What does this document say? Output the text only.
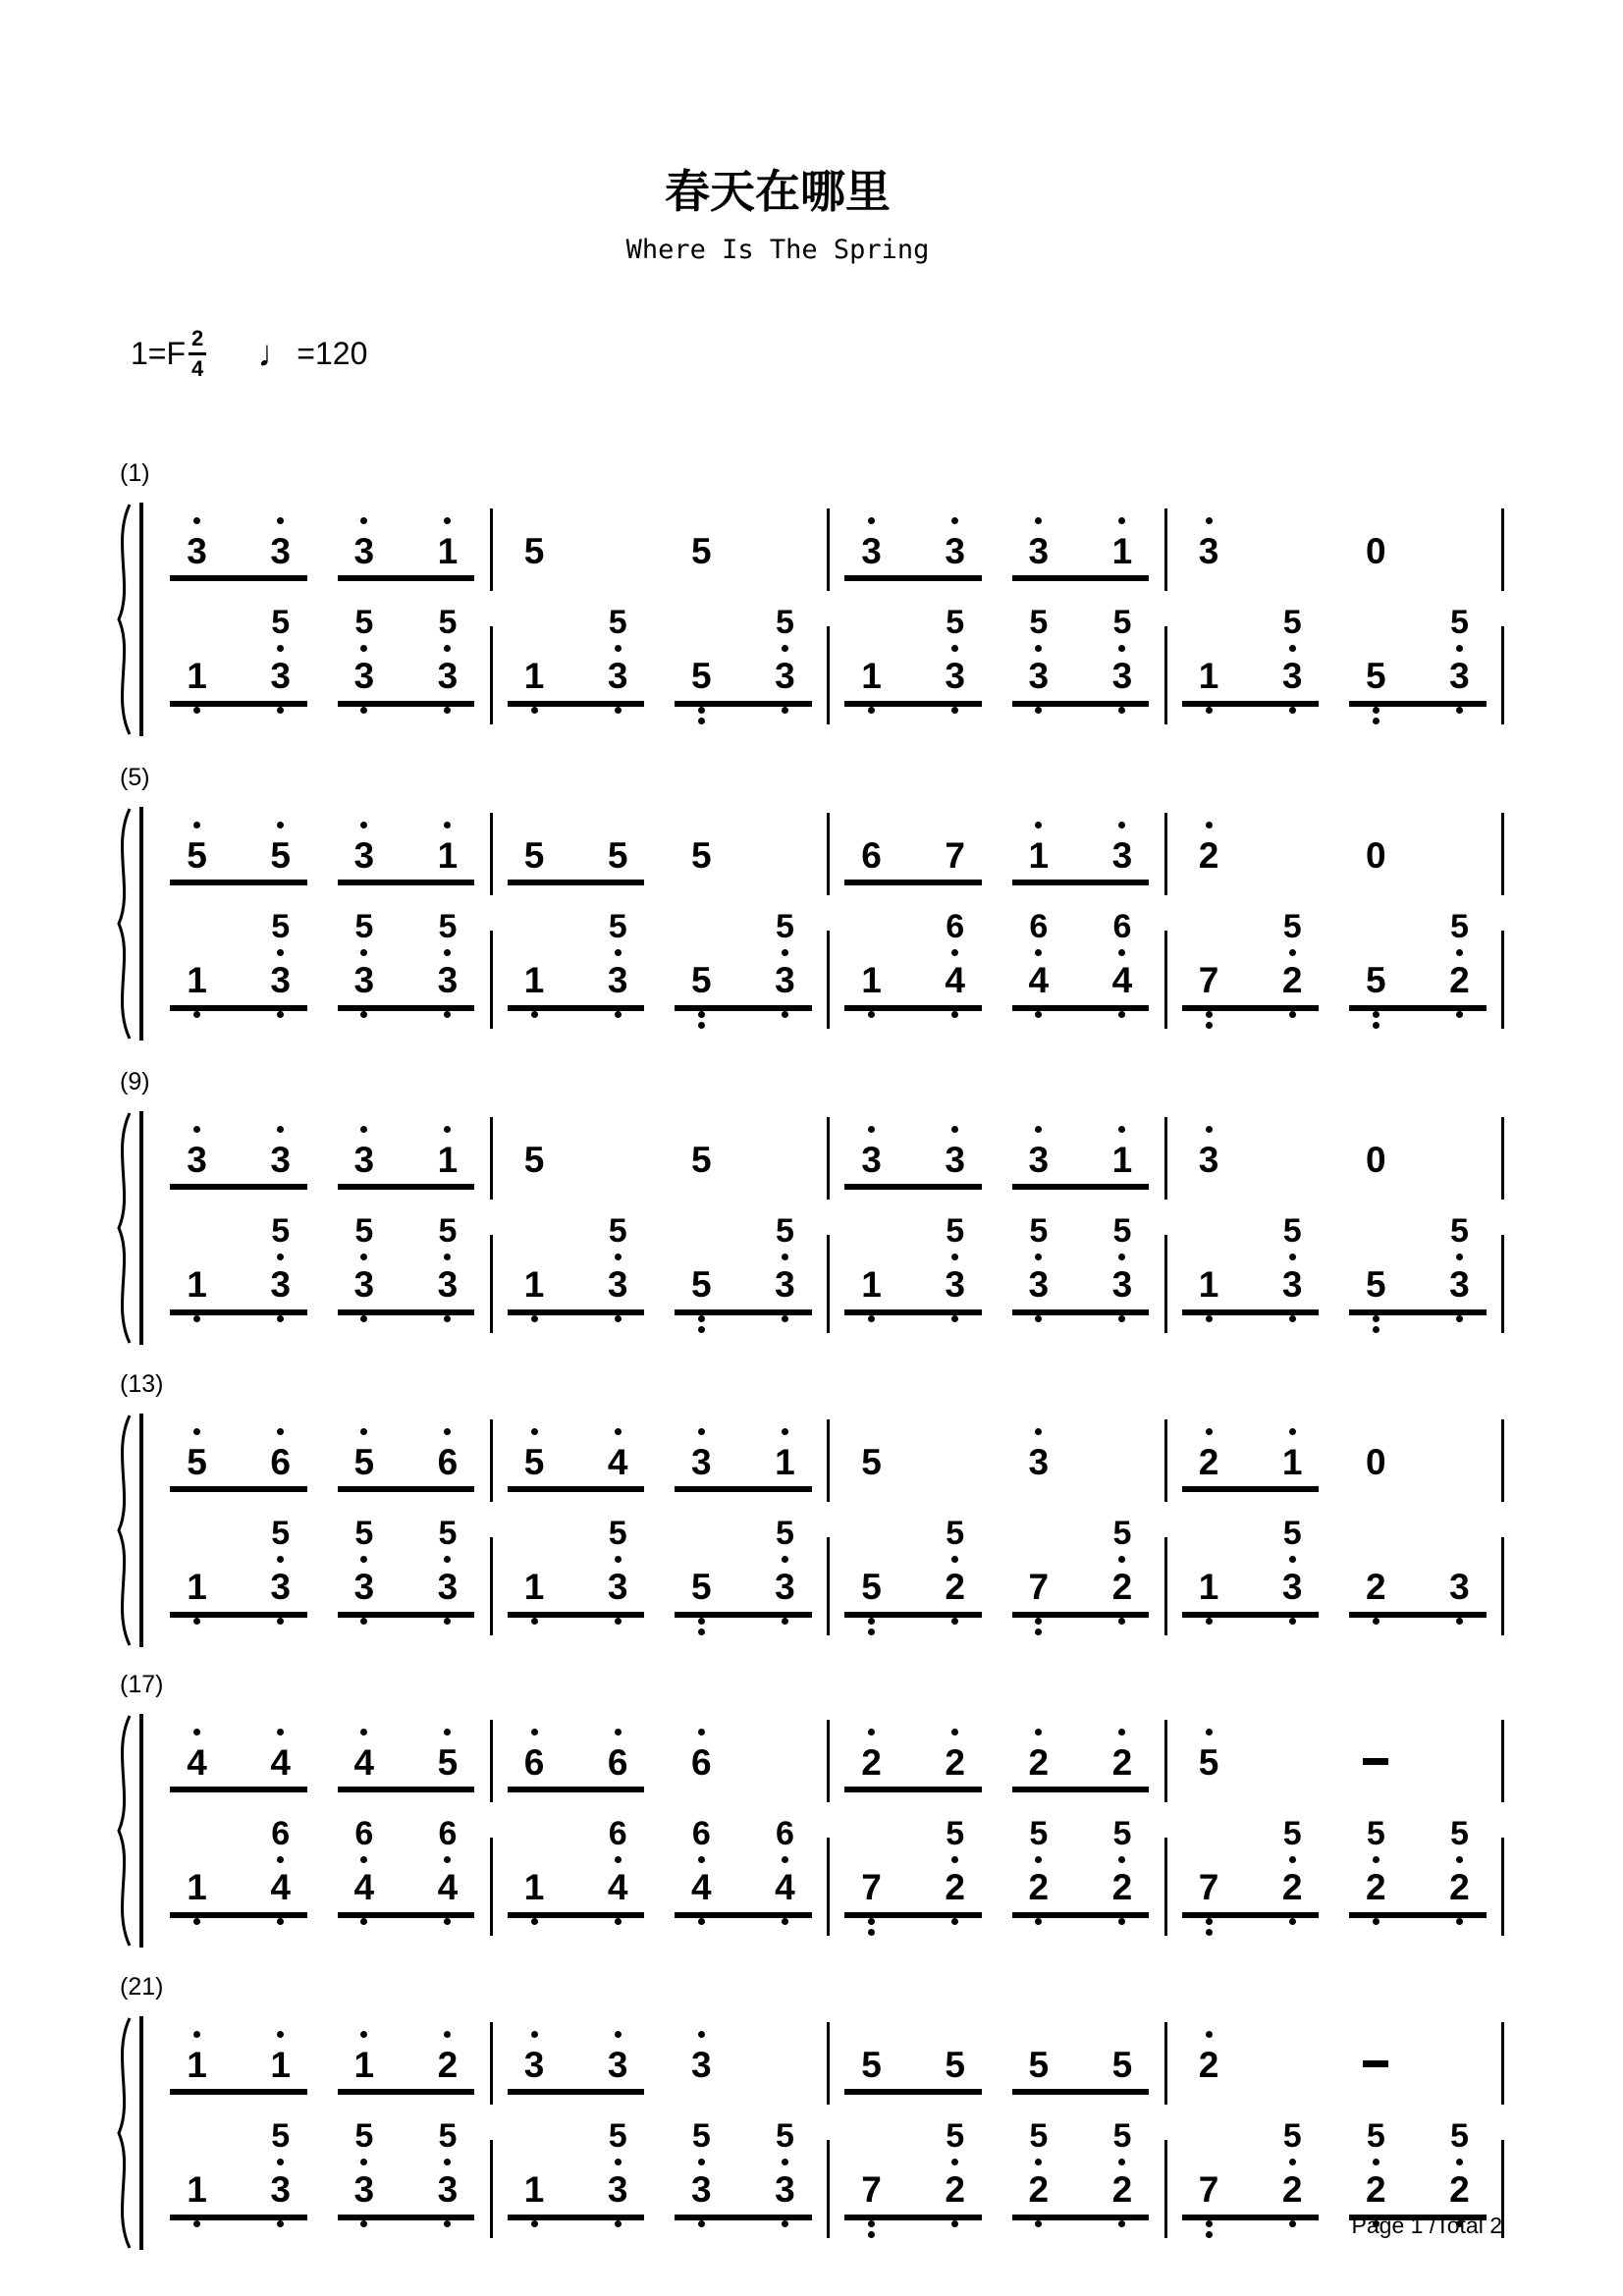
春天在哪里
Where Is The Spring
$1=F \frac{2}{4}$ ♩ =120
(1)
3 3 3 1 5	5	3 3 3 1 3	0
1
5
3
5
3
5
3 1
5
3 5
5
3 1
5
3
5
3
5
3 1
5
3 5
5
3
(5)
5 5 3 1 5 5 5	6 7 1 3 2	0
1
5
3
5
3
5
3 1
5
3 5
5
3 1
6
4
6
4
6
4 7
5
2 5
5
2
(9)
3 3 3 1 5	5	3 3 3 1 3	0
1
5
3
5
3
5
3 1
5
3 5
5
3 1
5
3
5
3
5
3 1
5
3 5
5
3
(13)
5 6 5 6 5 4 3 1 5	3	2 1 0
1
5
3
5
3
5
3 1
5
3 5
5
3 5
5
2 7
5
2 1
5
3 2 3
(17)
4 4 4 5 6 6 6	2 2 2 2 5
1
6
4
6
4
6
4 1
6
4
6
4
6
4 7
5
2
5
2
5
2 7
5
2
5
2
5
2
(21)
1 1 1 2 3 3 3	5 5 5 5 2
1
5
3
5
3
5
3 1
5
3
5
3
5
3 7
5
2
5
2
5
2 7
5
2
5
2
5
2
Page 1 /Total 2
